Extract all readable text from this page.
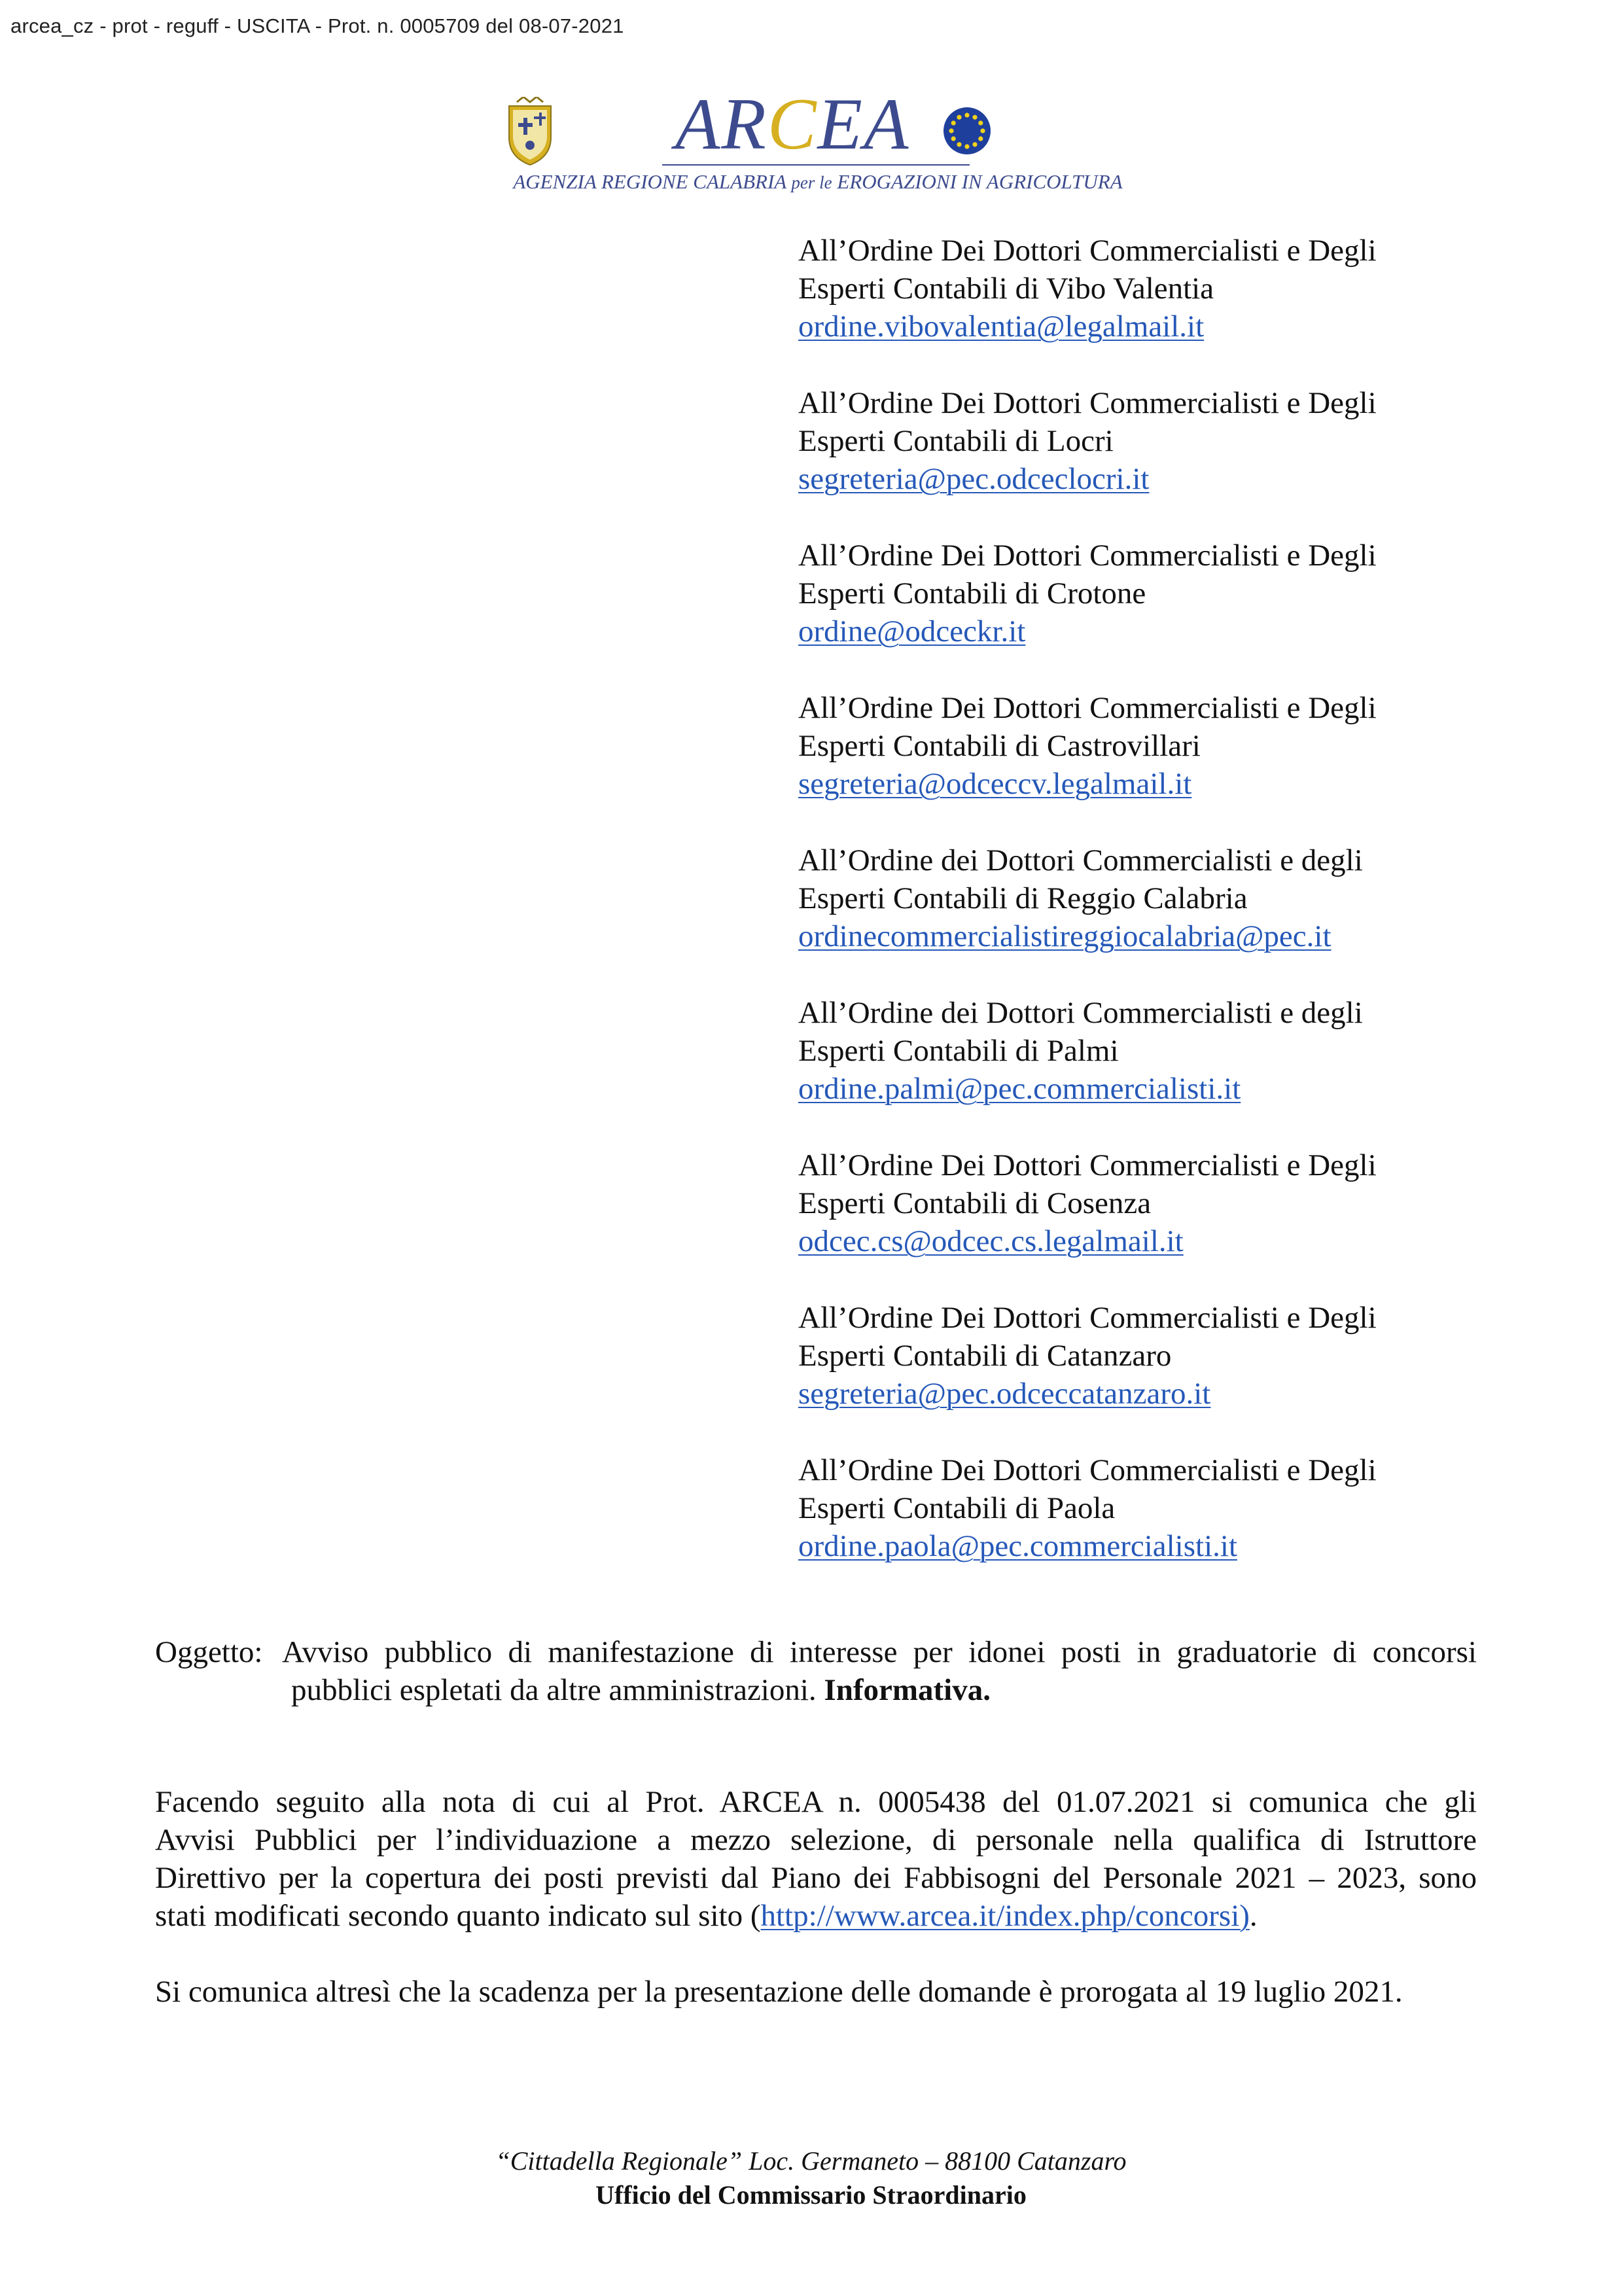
arcea_cz - prot - reguff - USCITA - Prot. n. 0005709 del 08-07-2021
ARCEA
AGENZIA REGIONE CALABRIA per le EROGAZIONI IN AGRICOLTURA
All’Ordine Dei Dottori Commercialisti e Degli
Esperti Contabili di Vibo Valentia
ordine.vibovalentia@legalmail.it
All’Ordine Dei Dottori Commercialisti e Degli
Esperti Contabili di Locri
segreteria@pec.odceclocri.it
All’Ordine Dei Dottori Commercialisti e Degli
Esperti Contabili di Crotone
ordine@odceckr.it
All’Ordine Dei Dottori Commercialisti e Degli
Esperti Contabili di Castrovillari
segreteria@odceccv.legalmail.it
All’Ordine dei Dottori Commercialisti e degli
Esperti Contabili di Reggio Calabria
ordinecommercialistireggiocalabria@pec.it
All’Ordine dei Dottori Commercialisti e degli
Esperti Contabili di Palmi
ordine.palmi@pec.commercialisti.it
All’Ordine Dei Dottori Commercialisti e Degli
Esperti Contabili di Cosenza
odcec.cs@odcec.cs.legalmail.it
All’Ordine Dei Dottori Commercialisti e Degli
Esperti Contabili di Catanzaro
segreteria@pec.odceccatanzaro.it
All’Ordine Dei Dottori Commercialisti e Degli
Esperti Contabili di Paola
ordine.paola@pec.commercialisti.it
Oggetto: Avviso pubblico di manifestazione di interesse per idonei posti in graduatorie di concorsi
pubblici espletati da altre amministrazioni. Informativa.
Facendo seguito alla nota di cui al Prot. ARCEA n. 0005438 del 01.07.2021 si comunica che gli
Avvisi Pubblici per l’individuazione a mezzo selezione, di personale nella qualifica di Istruttore
Direttivo per la copertura dei posti previsti dal Piano dei Fabbisogni del Personale 2021 – 2023, sono
stati modificati secondo quanto indicato sul sito (http://www.arcea.it/index.php/concorsi).
Si comunica altresì che la scadenza per la presentazione delle domande è prorogata al 19 luglio 2021.
“Cittadella Regionale” Loc. Germaneto – 88100 Catanzaro
Ufficio del Commissario Straordinario
